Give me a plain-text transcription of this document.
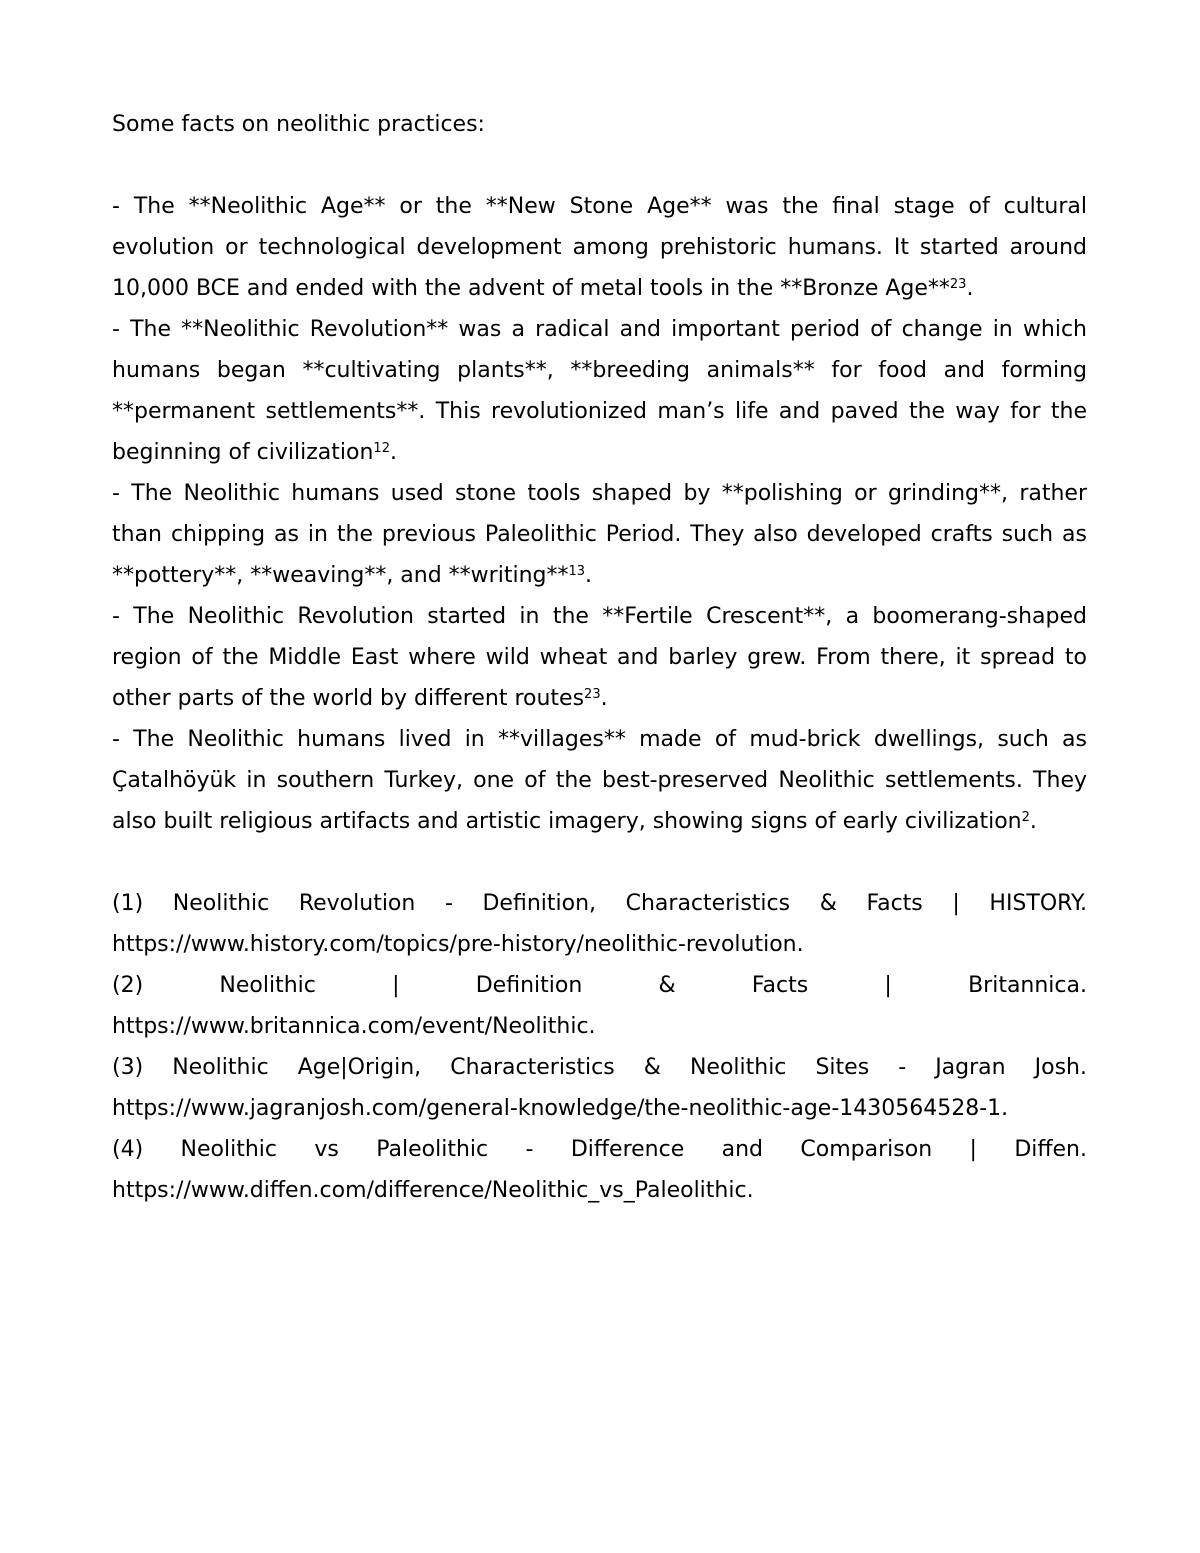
Some facts on neolithic practices:

- The **Neolithic Age** or the **New Stone Age** was the final stage of cultural evolution or technological development among prehistoric humans. It started around 10,000 BCE and ended with the advent of metal tools in the **Bronze Age**$^{23}$.

- The **Neolithic Revolution** was a radical and important period of change in which humans began **cultivating plants**, **breeding animals** for food and forming **permanent settlements**. This revolutionized man’s life and paved the way for the beginning of civilization$^{12}$.

- The Neolithic humans used stone tools shaped by **polishing or grinding**, rather than chipping as in the previous Paleolithic Period. They also developed crafts such as **pottery**, **weaving**, and **writing**$^{13}$.

- The Neolithic Revolution started in the **Fertile Crescent**, a boomerang-shaped region of the Middle East where wild wheat and barley grew. From there, it spread to other parts of the world by different routes$^{23}$.

- The Neolithic humans lived in **villages** made of mud-brick dwellings, such as Çatalhöyük in southern Turkey, one of the best-preserved Neolithic settlements. They also built religious artifacts and artistic imagery, showing signs of early civilization$^2$.

(1) Neolithic Revolution - Definition, Characteristics & Facts | HISTORY. https://www.history.com/topics/pre-history/neolithic-revolution.

(2) Neolithic | Definition & Facts | Britannica. https://www.britannica.com/event/Neolithic.

(3) Neolithic Age|Origin, Characteristics & Neolithic Sites - Jagran Josh. https://www.jagranjosh.com/general-knowledge/the-neolithic-age-1430564528-1.

(4) Neolithic vs Paleolithic - Difference and Comparison | Diffen. https://www.diffen.com/difference/Neolithic_vs_Paleolithic.
